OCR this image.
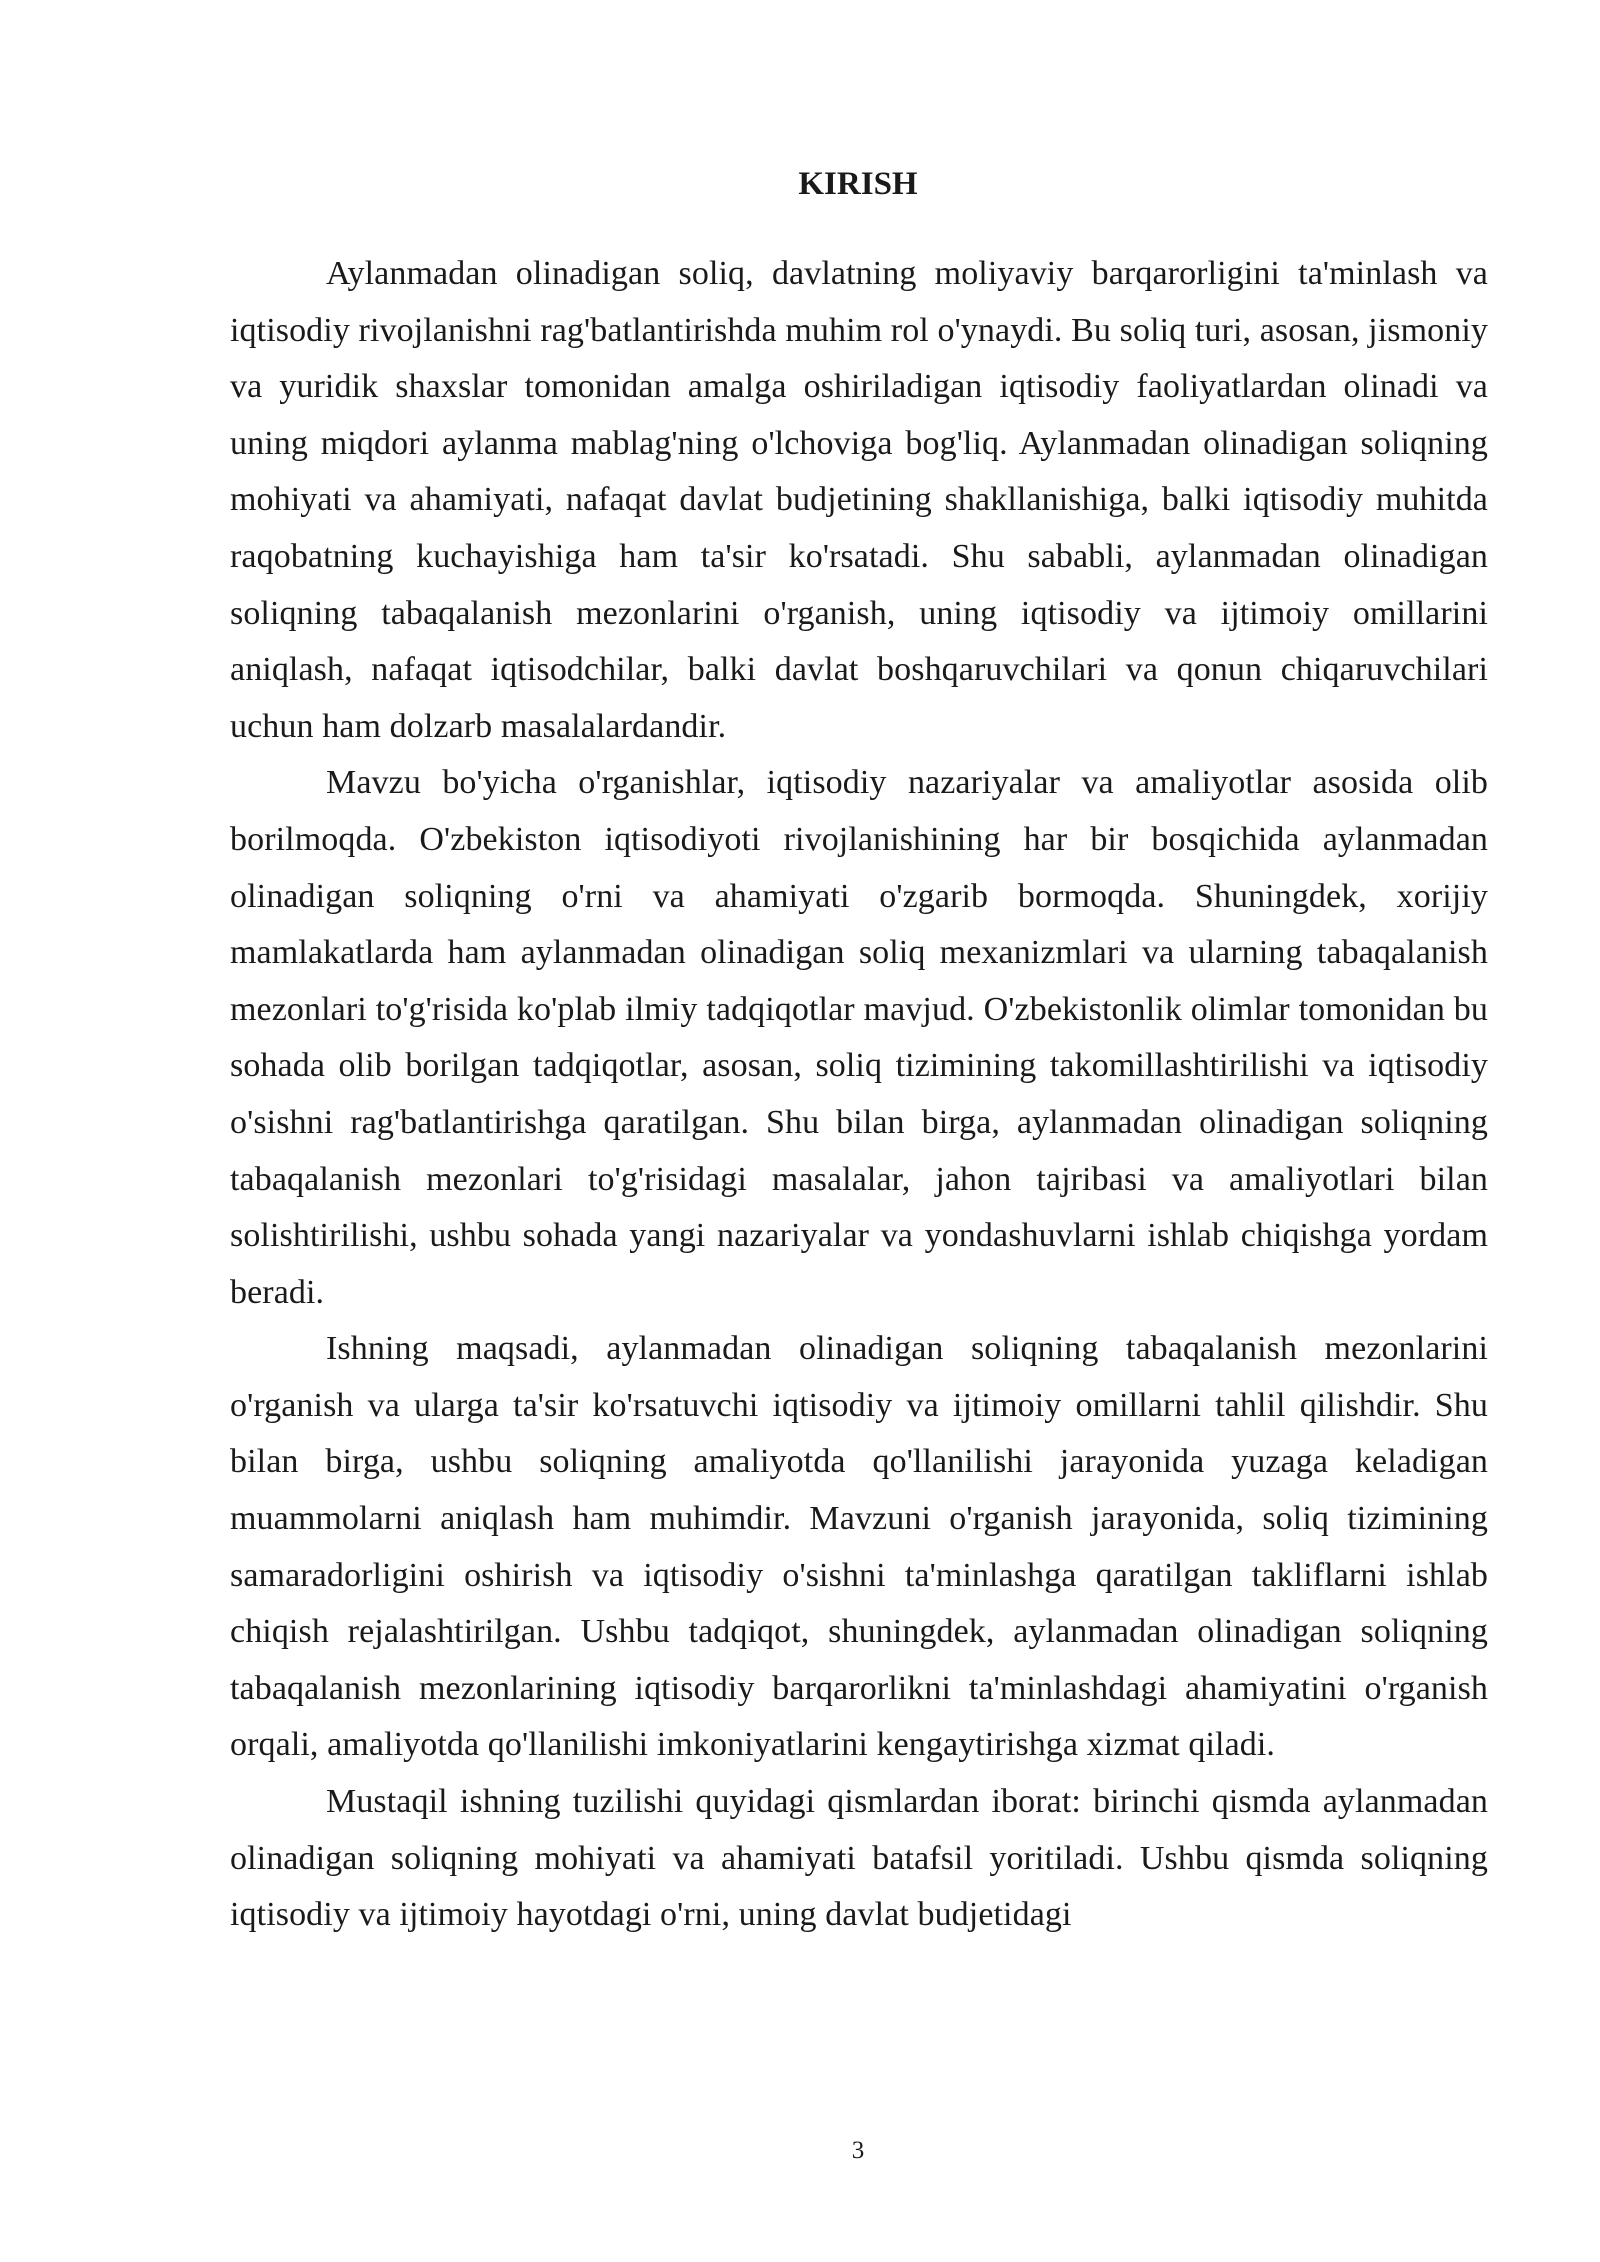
KIRISH

Aylanmadan olinadigan soliq, davlatning moliyaviy barqarorligini ta'minlash va iqtisodiy rivojlanishni rag'batlantirishda muhim rol o'ynaydi. Bu soliq turi, asosan, jismoniy va yuridik shaxslar tomonidan amalga oshiriladigan iqtisodiy faoliyatlardan olinadi va uning miqdori aylanma mablag'ning o'lchoviga bog'liq. Aylanmadan olinadigan soliqning mohiyati va ahamiyati, nafaqat davlat budjetining shakllanishiga, balki iqtisodiy muhitda raqobatning kuchayishiga ham ta'sir ko'rsatadi. Shu sababli, aylanmadan olinadigan soliqning tabaqalanish mezonlarini o'rganish, uning iqtisodiy va ijtimoiy omillarini aniqlash, nafaqat iqtisodchilar, balki davlat boshqaruvchilari va qonun chiqaruvchilari uchun ham dolzarb masalalardandir.

Mavzu bo'yicha o'rganishlar, iqtisodiy nazariyalar va amaliyotlar asosida olib borilmoqda. O'zbekiston iqtisodiyoti rivojlanishining har bir bosqichida aylanmadan olinadigan soliqning o'rni va ahamiyati o'zgarib bormoqda. Shuningdek, xorijiy mamlakatlarda ham aylanmadan olinadigan soliq mexanizmlari va ularning tabaqalanish mezonlari to'g'risida ko'plab ilmiy tadqiqotlar mavjud. O'zbekistonlik olimlar tomonidan bu sohada olib borilgan tadqiqotlar, asosan, soliq tizimining takomillashtirilishi va iqtisodiy o'sishni rag'batlantirishga qaratilgan. Shu bilan birga, aylanmadan olinadigan soliqning tabaqalanish mezonlari to'g'risidagi masalalar, jahon tajribasi va amaliyotlari bilan solishtirilishi, ushbu sohada yangi nazariyalar va yondashuvlarni ishlab chiqishga yordam beradi.

Ishning maqsadi, aylanmadan olinadigan soliqning tabaqalanish mezonlarini o'rganish va ularga ta'sir ko'rsatuvchi iqtisodiy va ijtimoiy omillarni tahlil qilishdir. Shu bilan birga, ushbu soliqning amaliyotda qo'llanilishi jarayonida yuzaga keladigan muammolarni aniqlash ham muhimdir. Mavzuni o'rganish jarayonida, soliq tizimining samaradorligini oshirish va iqtisodiy o'sishni ta'minlashga qaratilgan takliflarni ishlab chiqish rejalashtirilgan. Ushbu tadqiqot, shuningdek, aylanmadan olinadigan soliqning tabaqalanish mezonlarining iqtisodiy barqarorlikni ta'minlashdagi ahamiyatini o'rganish orqali, amaliyotda qo'llanilishi imkoniyatlarini kengaytirishga xizmat qiladi.

Mustaqil ishning tuzilishi quyidagi qismlardan iborat: birinchi qismda aylanmadan olinadigan soliqning mohiyati va ahamiyati batafsil yoritiladi. Ushbu qismda soliqning iqtisodiy va ijtimoiy hayotdagi o'rni, uning davlat budjetidagi

3
